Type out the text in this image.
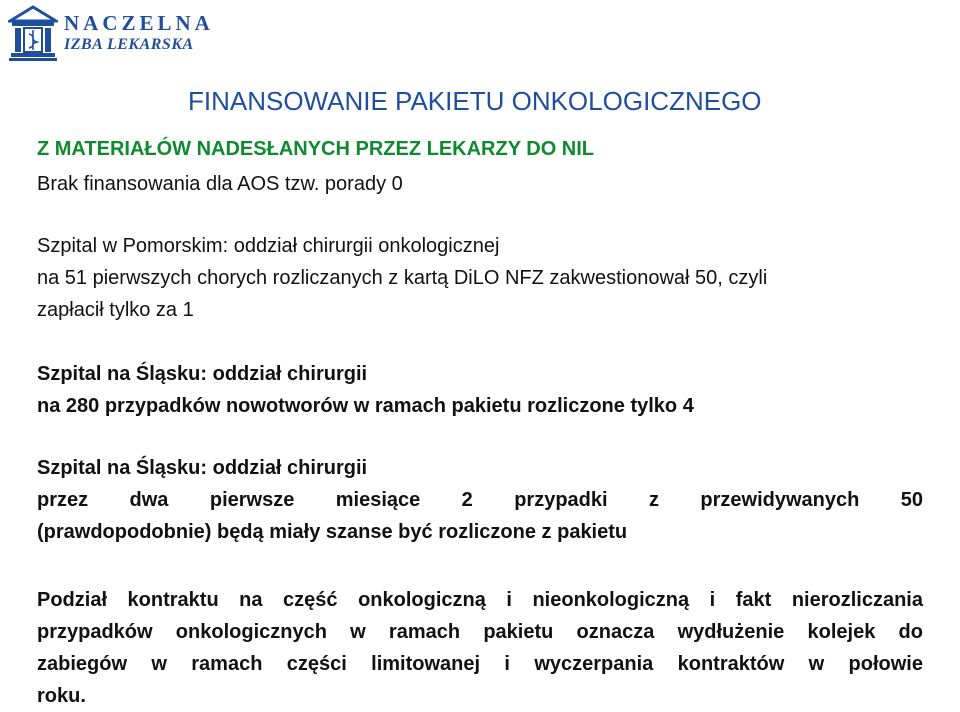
NACZELNA
IZBA LEKARSKA
FINANSOWANIE PAKIETU ONKOLOGICZNEGO
Z MATERIAŁÓW NADESŁANYCH PRZEZ LEKARZY DO NIL
Brak finansowania dla AOS tzw. porady 0
Szpital w Pomorskim: oddział chirurgii onkologicznej
na 51 pierwszych chorych rozliczanych z kartą DiLO NFZ zakwestionował 50, czyli
zapłacił tylko za 1
Szpital na Śląsku: oddział chirurgii
na 280 przypadków nowotworów w ramach pakietu rozliczone tylko 4
Szpital na Śląsku: oddział chirurgii
przez dwa pierwsze miesiące 2 przypadki z przewidywanych 50
(prawdopodobnie) będą miały szanse być rozliczone z pakietu
Podział kontraktu na część onkologiczną i nieonkologiczną i fakt nierozliczania
przypadków onkologicznych w ramach pakietu oznacza wydłużenie kolejek do
zabiegów w ramach części limitowanej i wyczerpania kontraktów w połowie
roku.
